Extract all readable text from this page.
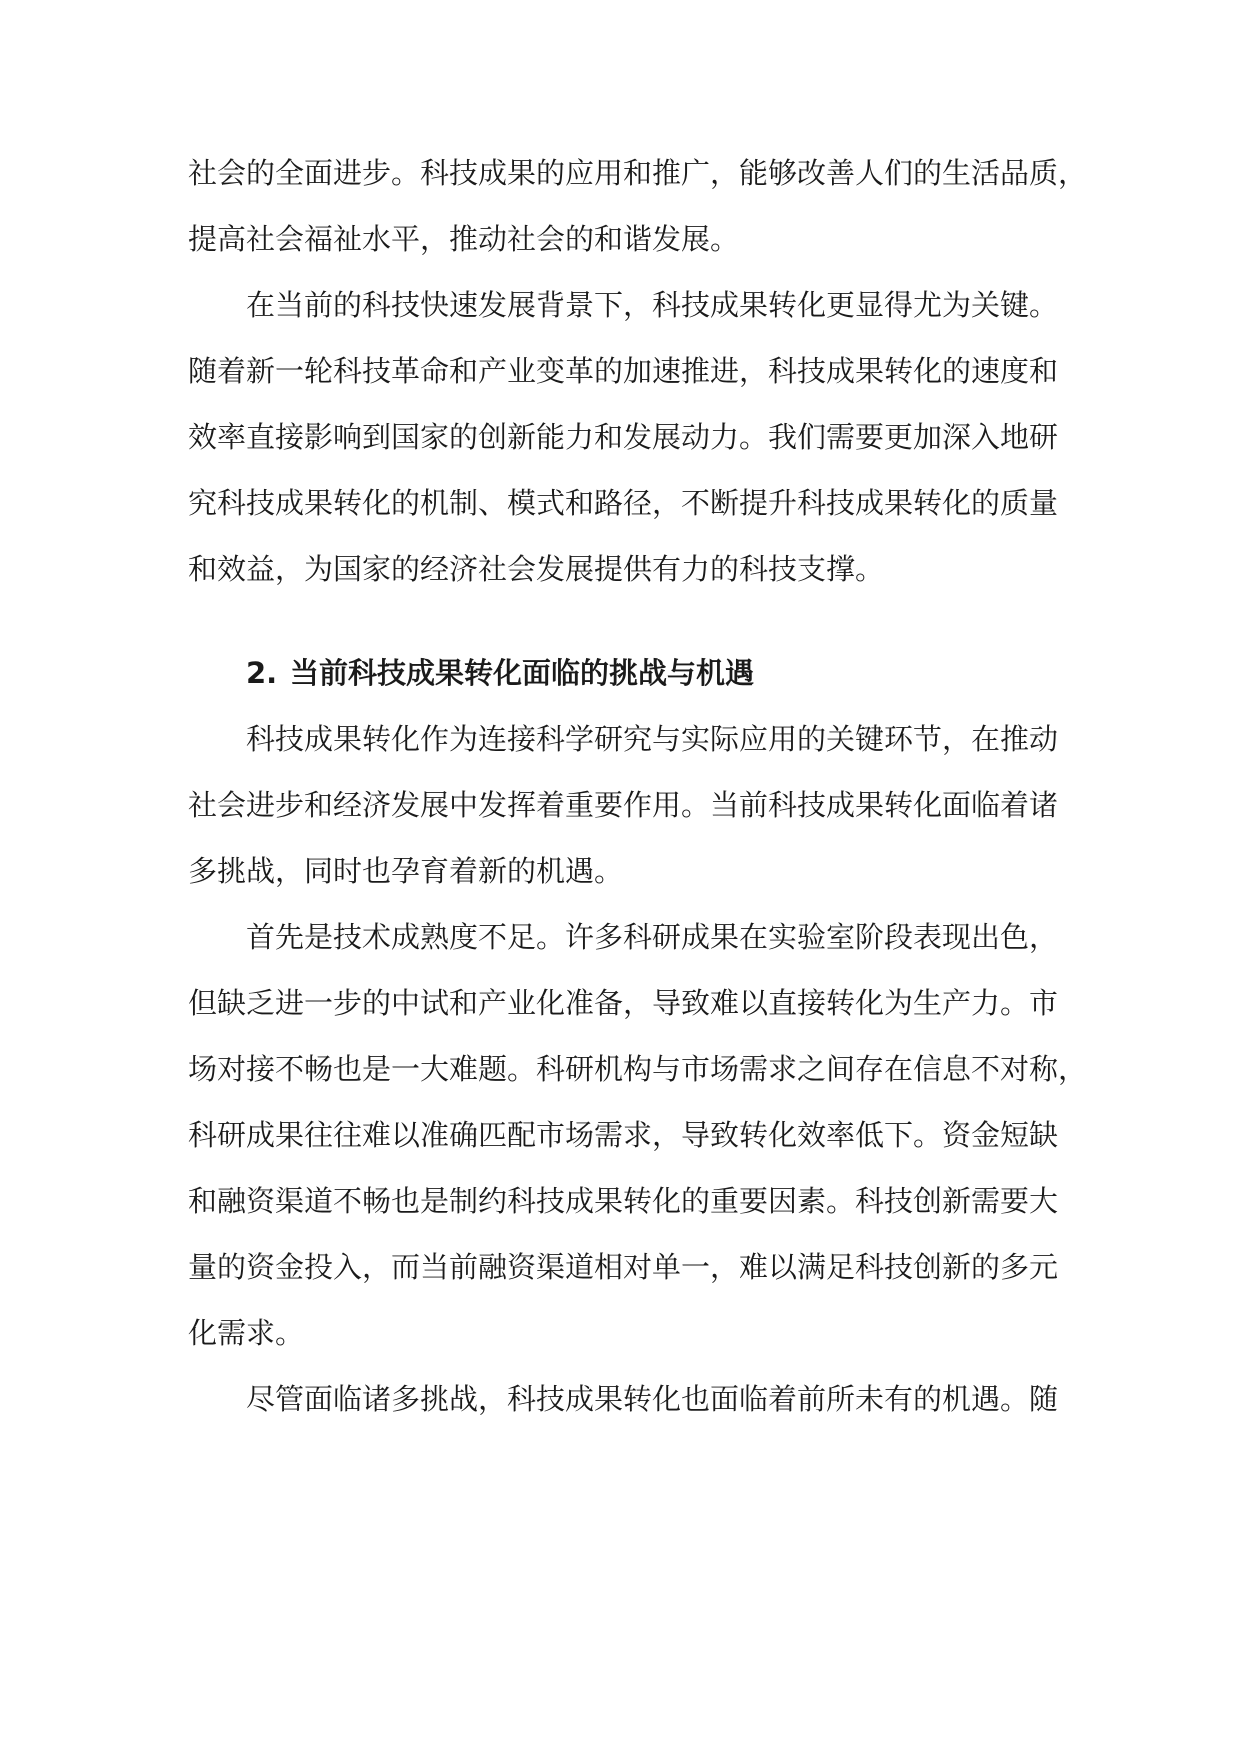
社会的全面进步。科技成果的应用和推广，能够改善人们的生活品质，
提高社会福祉水平，推动社会的和谐发展。
在当前的科技快速发展背景下，科技成果转化更显得尤为关键。
随着新一轮科技革命和产业变革的加速推进，科技成果转化的速度和
效率直接影响到国家的创新能力和发展动力。我们需要更加深入地研
究科技成果转化的机制、模式和路径，不断提升科技成果转化的质量
和效益，为国家的经济社会发展提供有力的科技支撑。
2. 当前科技成果转化面临的挑战与机遇
科技成果转化作为连接科学研究与实际应用的关键环节，在推动
社会进步和经济发展中发挥着重要作用。当前科技成果转化面临着诸
多挑战，同时也孕育着新的机遇。
首先是技术成熟度不足。许多科研成果在实验室阶段表现出色，
但缺乏进一步的中试和产业化准备，导致难以直接转化为生产力。市
场对接不畅也是一大难题。科研机构与市场需求之间存在信息不对称，
科研成果往往难以准确匹配市场需求，导致转化效率低下。资金短缺
和融资渠道不畅也是制约科技成果转化的重要因素。科技创新需要大
量的资金投入，而当前融资渠道相对单一，难以满足科技创新的多元
化需求。
尽管面临诸多挑战，科技成果转化也面临着前所未有的机遇。随
